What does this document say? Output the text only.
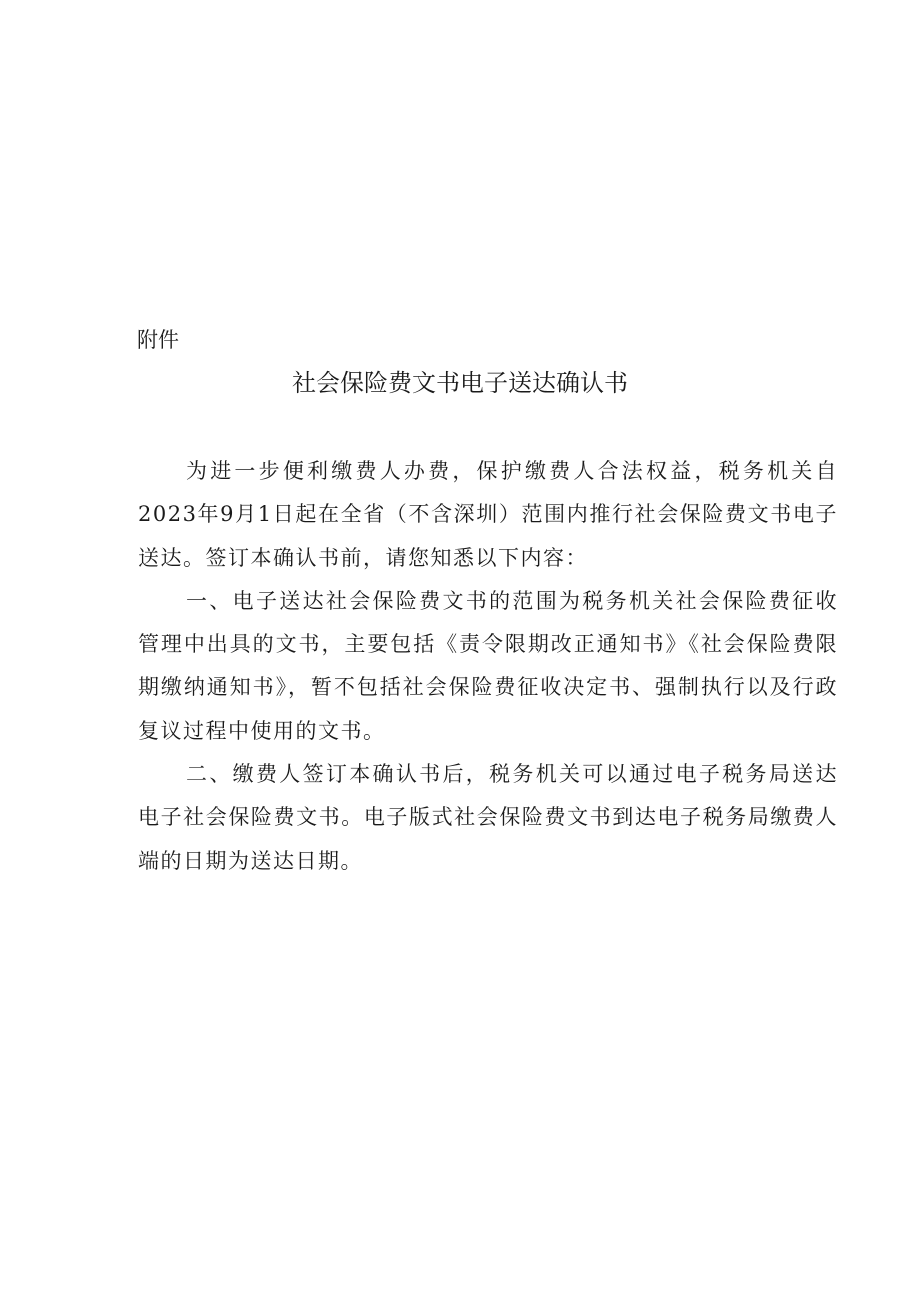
附件

社会保险费文书电子送达确认书

为进一步便利缴费人办费，保护缴费人合法权益，税务机关自2023年9月1日起在全省（不含深圳）范围内推行社会保险费文书电子送达。签订本确认书前，请您知悉以下内容：

一、电子送达社会保险费文书的范围为税务机关社会保险费征收管理中出具的文书，主要包括《责令限期改正通知书》《社会保险费限期缴纳通知书》，暂不包括社会保险费征收决定书、强制执行以及行政复议过程中使用的文书。

二、缴费人签订本确认书后，税务机关可以通过电子税务局送达电子社会保险费文书。电子版式社会保险费文书到达电子税务局缴费人端的日期为送达日期。
